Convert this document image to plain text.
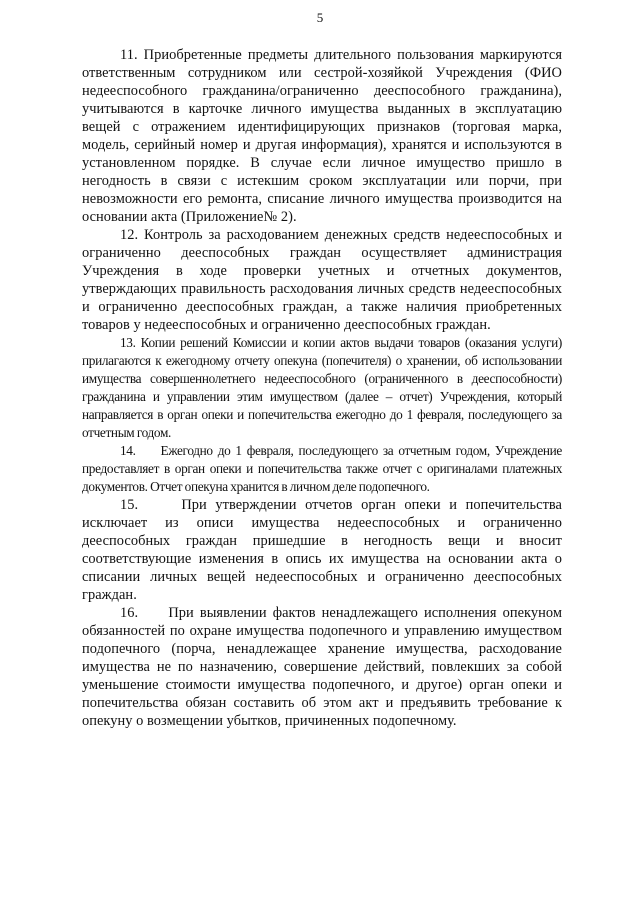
5

11. Приобретенные предметы длительного пользования маркируются ответственным сотрудником или сестрой-хозяйкой Учреждения (ФИО недееспособного гражданина/ограниченно дееспособного гражданина), учитываются в карточке личного имущества выданных в эксплуатацию вещей с отражением идентифицирующих признаков (торговая марка, модель, серийный номер и другая информация), хранятся и используются в установленном порядке. В случае если личное имущество пришло в негодность в связи с истекшим сроком эксплуатации или порчи, при невозможности его ремонта, списание личного имущества производится на основании акта (Приложение№ 2).

12. Контроль за расходованием денежных средств недееспособных и ограниченно дееспособных граждан осуществляет администрация Учреждения в ходе проверки учетных и отчетных документов, утверждающих правильность расходования личных средств недееспособных и ограниченно дееспособных граждан, а также наличия приобретенных товаров у недееспособных и ограниченно дееспособных граждан.

13. Копии решений Комиссии и копии актов выдачи товаров (оказания услуги) прилагаются к ежегодному отчету опекуна (попечителя) о хранении, об использовании имущества совершеннолетнего недееспособного (ограниченного в дееспособности) гражданина и управлении этим имуществом (далее – отчет) Учреждения, который направляется в орган опеки и попечительства ежегодно до 1 февраля, последующего за отчетным годом.

14.     Ежегодно до 1 февраля, последующего за отчетным годом, Учреждение предоставляет в орган опеки и попечительства также отчет с оригиналами платежных документов. Отчет опекуна хранится в личном деле подопечного.

15.     При утверждении отчетов орган опеки и попечительства исключает из описи имущества недееспособных и ограниченно дееспособных граждан пришедшие в негодность вещи и вносит соответствующие изменения в опись их имущества на основании акта о списании личных вещей недееспособных и ограниченно дееспособных граждан.

16.     При выявлении фактов ненадлежащего исполнения опекуном обязанностей по охране имущества подопечного и управлению имуществом подопечного (порча, ненадлежащее хранение имущества, расходование имущества не по назначению, совершение действий, повлекших за собой уменьшение стоимости имущества подопечного, и другое) орган опеки и попечительства обязан составить об этом акт и предъявить требование к опекуну о возмещении убытков, причиненных подопечному.
